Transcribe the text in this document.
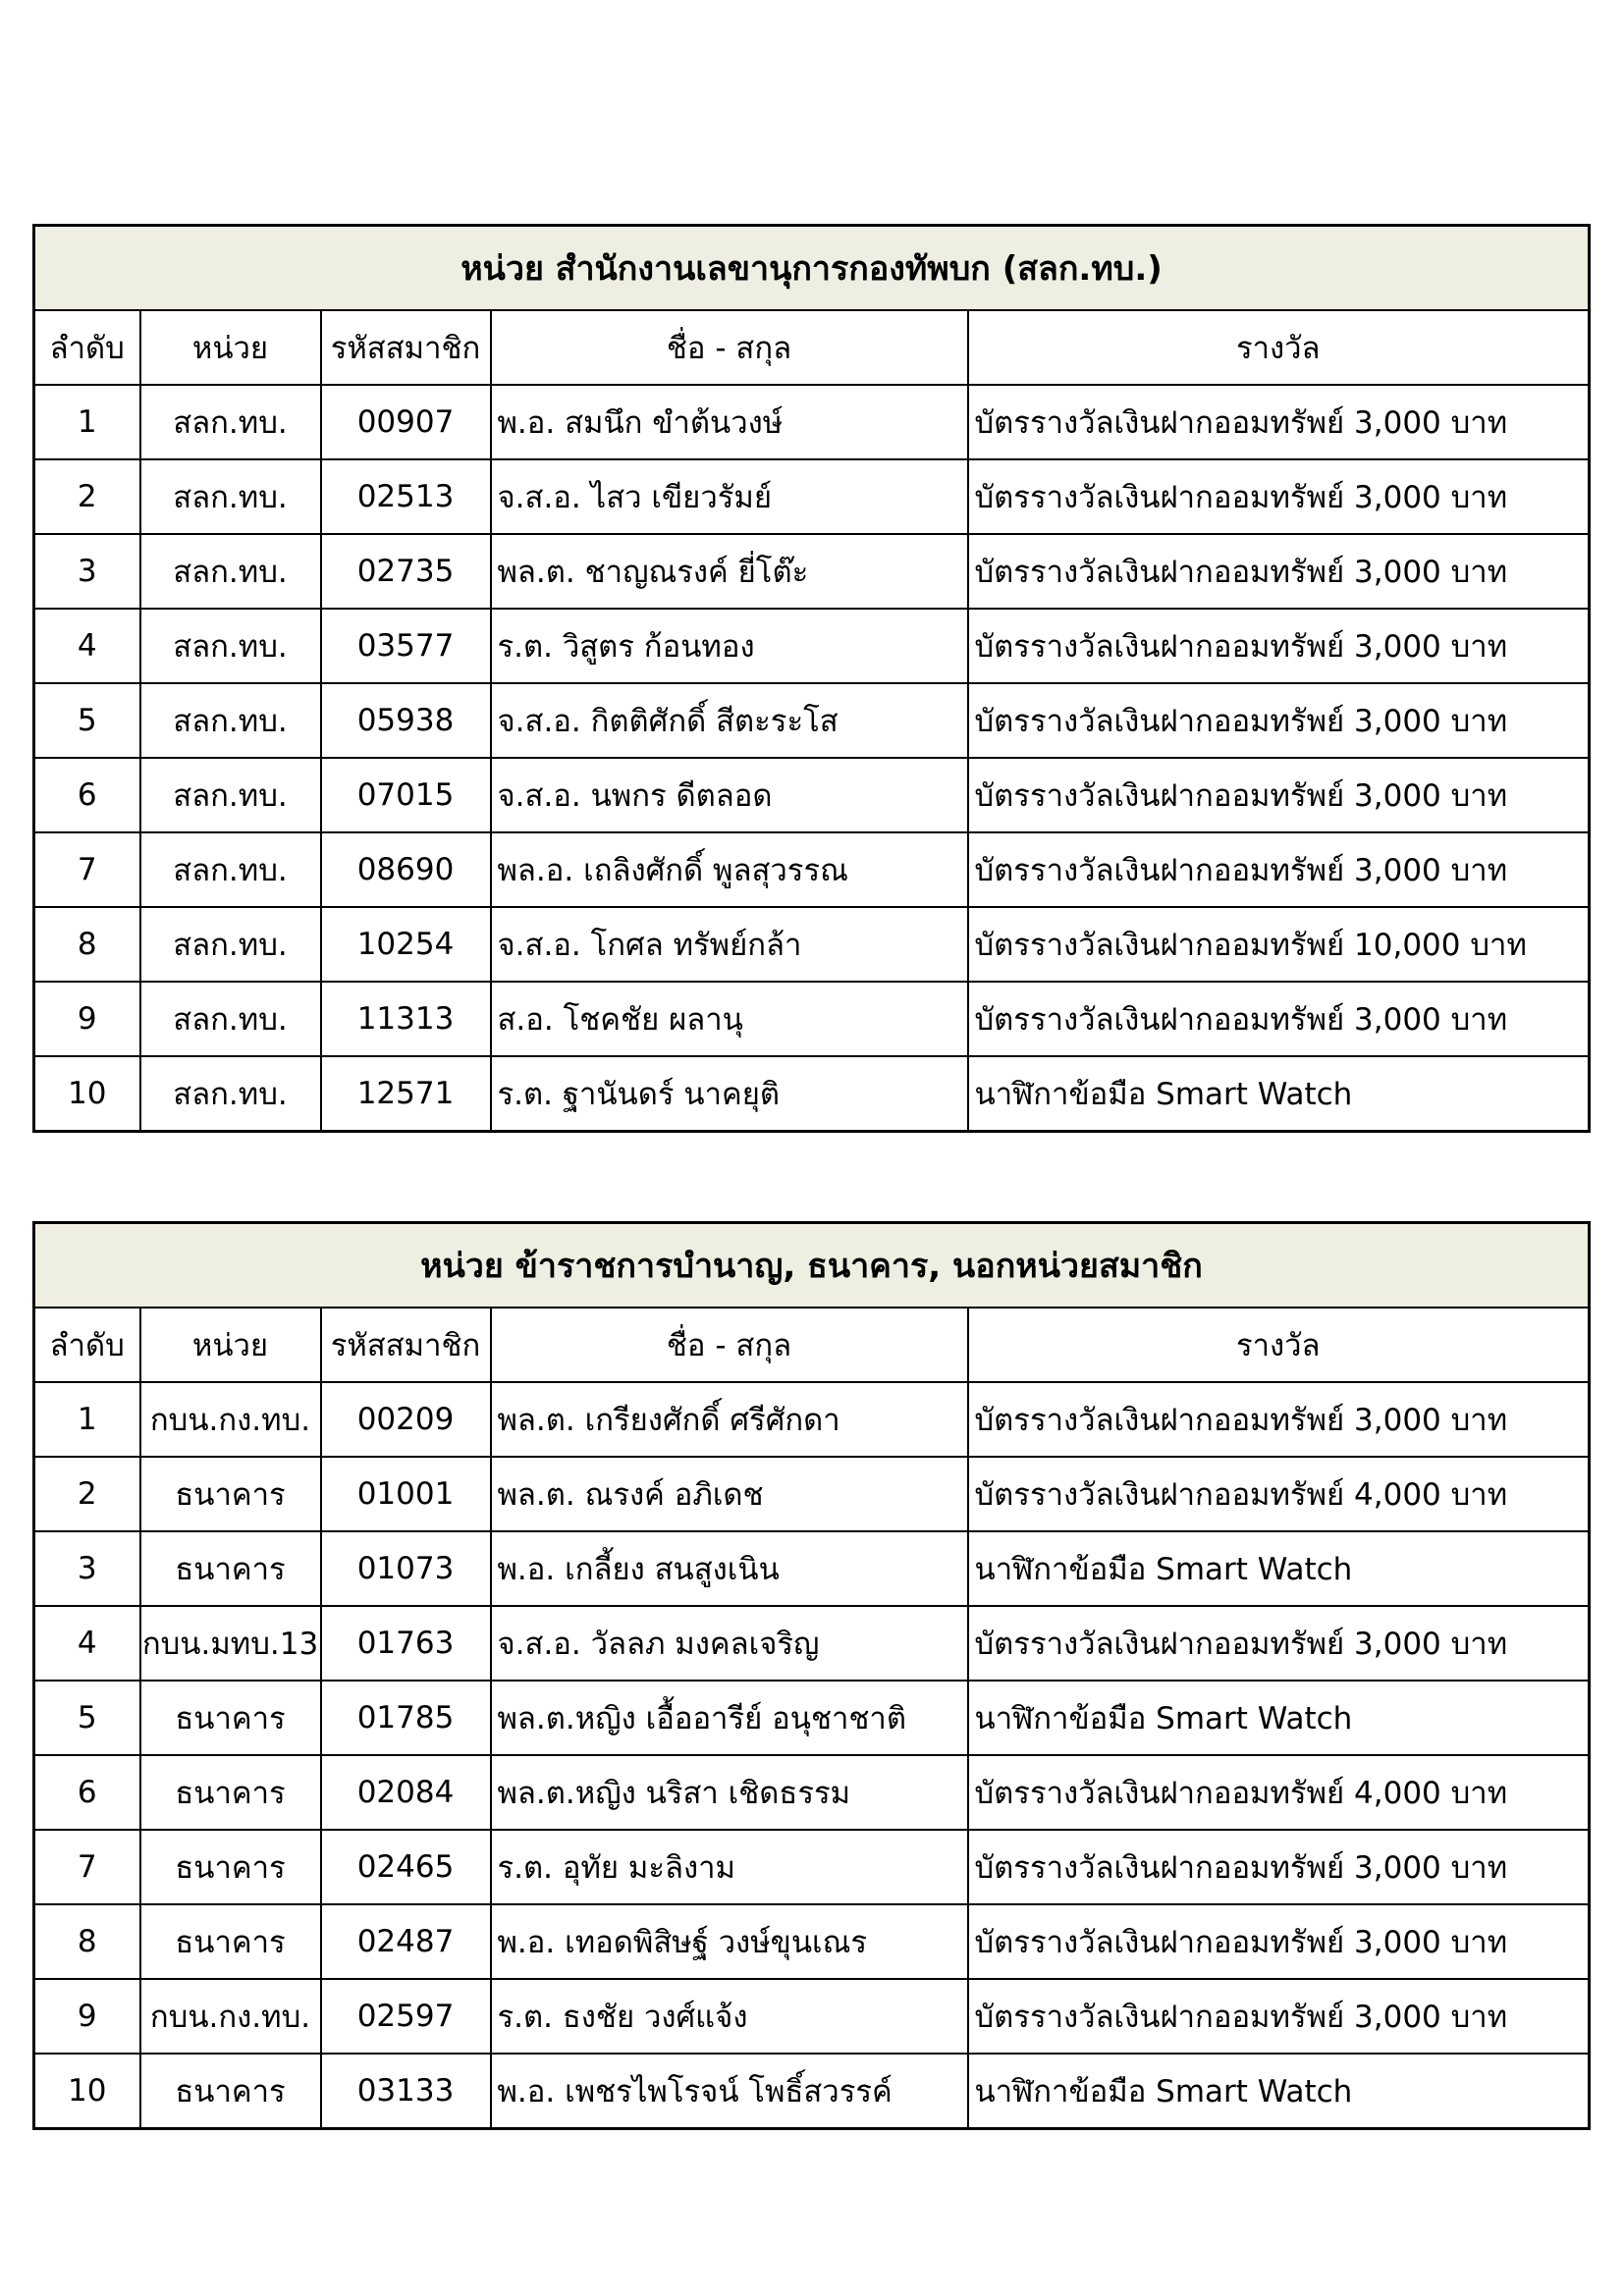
หน่วย สำนักงานเลขานุการกองทัพบก (สลก.ทบ.)				
ลำดับ	หน่วย	รหัสสมาชิก	ชื่อ - สกุล	รางวัล
1	สลก.ทบ.	00907	พ.อ. สมนึก ขำต้นวงษ์	บัตรรางวัลเงินฝากออมทรัพย์ 3,000 บาท
2	สลก.ทบ.	02513	จ.ส.อ. ไสว เขียวรัมย์	บัตรรางวัลเงินฝากออมทรัพย์ 3,000 บาท
3	สลก.ทบ.	02735	พล.ต. ชาญณรงค์ ยี่โต๊ะ	บัตรรางวัลเงินฝากออมทรัพย์ 3,000 บาท
4	สลก.ทบ.	03577	ร.ต. วิสูตร ก้อนทอง	บัตรรางวัลเงินฝากออมทรัพย์ 3,000 บาท
5	สลก.ทบ.	05938	จ.ส.อ. กิตติศักดิ์ สีตะระโส	บัตรรางวัลเงินฝากออมทรัพย์ 3,000 บาท
6	สลก.ทบ.	07015	จ.ส.อ. นพกร ดีตลอด	บัตรรางวัลเงินฝากออมทรัพย์ 3,000 บาท
7	สลก.ทบ.	08690	พล.อ. เถลิงศักดิ์ พูลสุวรรณ	บัตรรางวัลเงินฝากออมทรัพย์ 3,000 บาท
8	สลก.ทบ.	10254	จ.ส.อ. โกศล ทรัพย์กล้า	บัตรรางวัลเงินฝากออมทรัพย์ 10,000 บาท
9	สลก.ทบ.	11313	ส.อ. โชคชัย ผลานุ	บัตรรางวัลเงินฝากออมทรัพย์ 3,000 บาท
10	สลก.ทบ.	12571	ร.ต. ฐานันดร์ นาคยุติ	นาฬิกาข้อมือ Smart Watch
หน่วย ข้าราชการบำนาญ, ธนาคาร, นอกหน่วยสมาชิก				
ลำดับ	หน่วย	รหัสสมาชิก	ชื่อ - สกุล	รางวัล
1	กบน.กง.ทบ.	00209	พล.ต. เกรียงศักดิ์ ศรีศักดา	บัตรรางวัลเงินฝากออมทรัพย์ 3,000 บาท
2	ธนาคาร	01001	พล.ต. ณรงค์ อภิเดช	บัตรรางวัลเงินฝากออมทรัพย์ 4,000 บาท
3	ธนาคาร	01073	พ.อ. เกลี้ยง สนสูงเนิน	นาฬิกาข้อมือ Smart Watch
4	กบน.มทบ.13	01763	จ.ส.อ. วัลลภ มงคลเจริญ	บัตรรางวัลเงินฝากออมทรัพย์ 3,000 บาท
5	ธนาคาร	01785	พล.ต.หญิง เอื้ออารีย์ อนุชาชาติ	นาฬิกาข้อมือ Smart Watch
6	ธนาคาร	02084	พล.ต.หญิง นริสา เชิดธรรม	บัตรรางวัลเงินฝากออมทรัพย์ 4,000 บาท
7	ธนาคาร	02465	ร.ต. อุทัย มะลิงาม	บัตรรางวัลเงินฝากออมทรัพย์ 3,000 บาท
8	ธนาคาร	02487	พ.อ. เทอดพิสิษฐ์ วงษ์ขุนเณร	บัตรรางวัลเงินฝากออมทรัพย์ 3,000 บาท
9	กบน.กง.ทบ.	02597	ร.ต. ธงชัย วงศ์แจ้ง	บัตรรางวัลเงินฝากออมทรัพย์ 3,000 บาท
10	ธนาคาร	03133	พ.อ. เพชรไพโรจน์ โพธิ์สวรรค์	นาฬิกาข้อมือ Smart Watch
